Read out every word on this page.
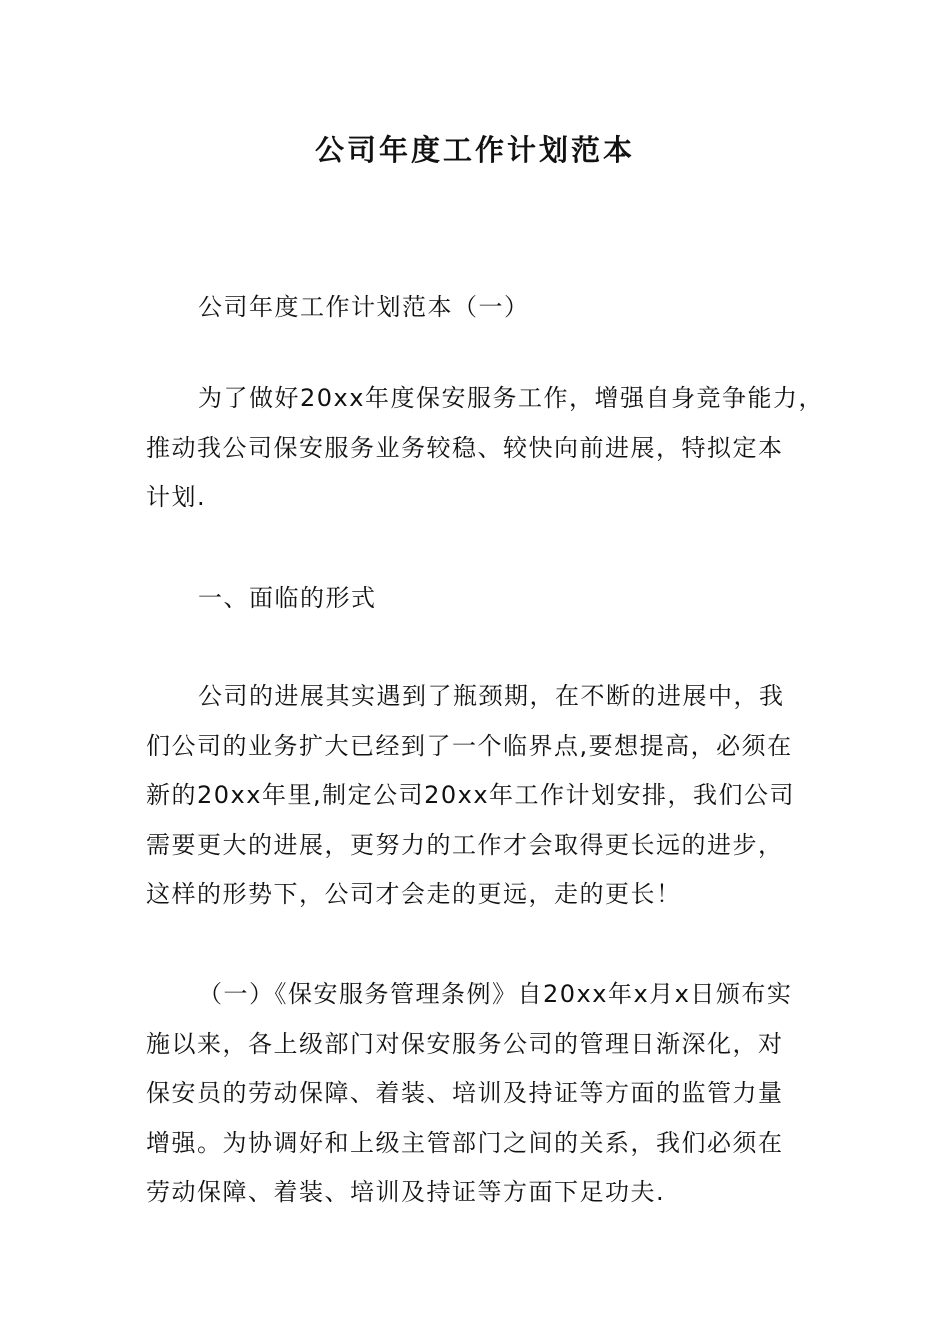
公司年度工作计划范本
公司年度工作计划范本（一）
为了做好20xx年度保安服务工作，增强自身竞争能力，
推动我公司保安服务业务较稳、较快向前进展，特拟定本
计划.
一、面临的形式
公司的进展其实遇到了瓶颈期，在不断的进展中，我
们公司的业务扩大已经到了一个临界点,要想提高，必须在
新的20xx年里,制定公司20xx年工作计划安排，我们公司
需要更大的进展，更努力的工作才会取得更长远的进步，
这样的形势下，公司才会走的更远，走的更长！
（一）《保安服务管理条例》自20xx年x月x日颁布实
施以来，各上级部门对保安服务公司的管理日渐深化，对
保安员的劳动保障、着装、培训及持证等方面的监管力量
增强。为协调好和上级主管部门之间的关系，我们必须在
劳动保障、着装、培训及持证等方面下足功夫.
